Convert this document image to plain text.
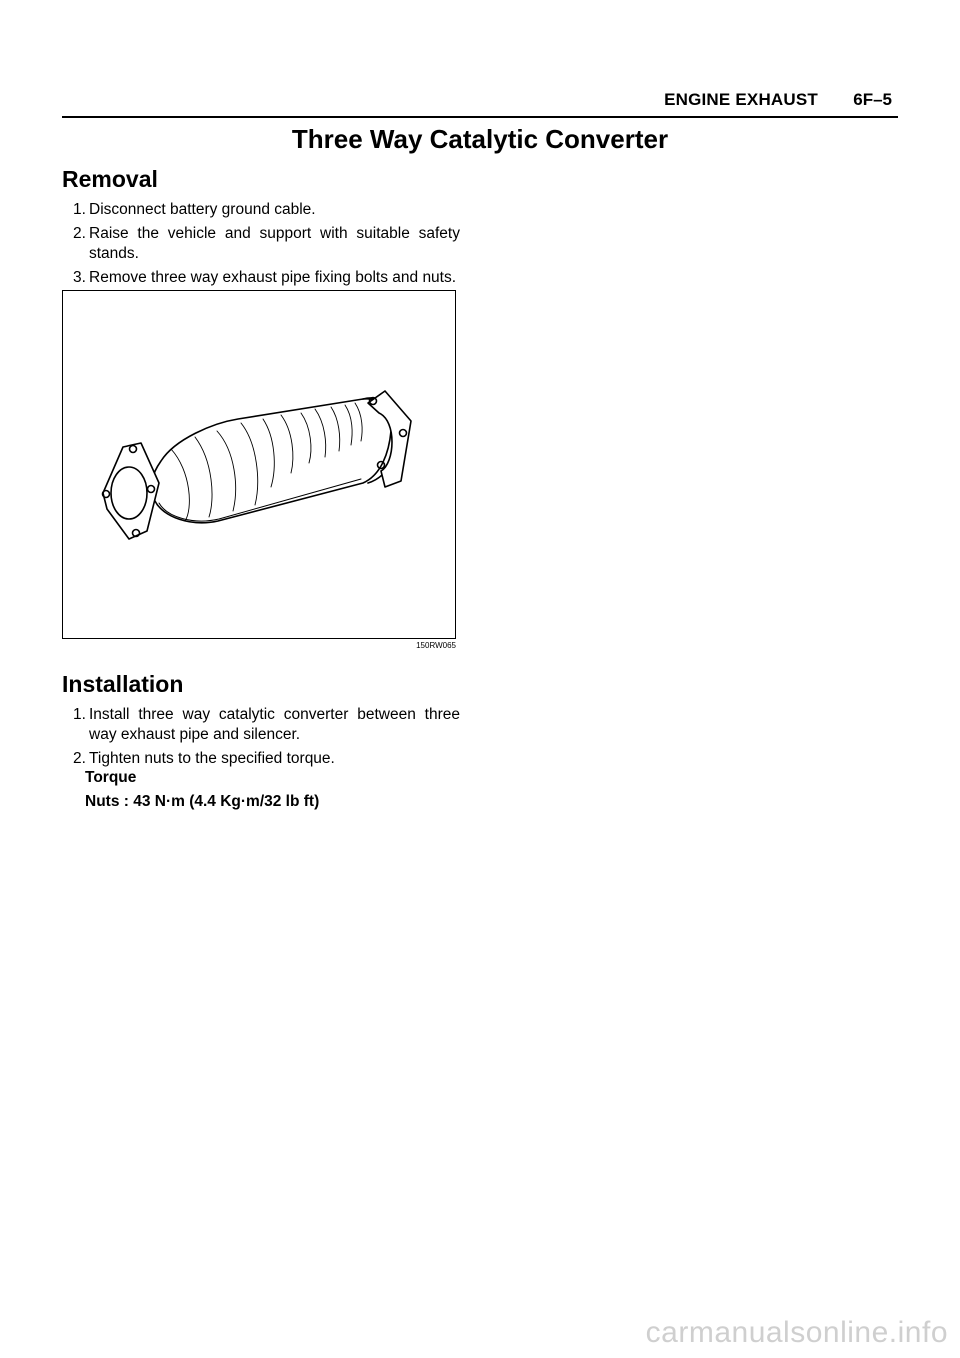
ENGINE EXHAUST 6F–5
Three Way Catalytic Converter
Removal
1. Disconnect battery ground cable.
2. Raise the vehicle and support with suitable safety stands.
3. Remove three way exhaust pipe fixing bolts and nuts.
150RW065
Installation
1. Install three way catalytic converter between three way exhaust pipe and silencer.
2. Tighten nuts to the specified torque.
Torque
Nuts : 43 N·m (4.4 Kg·m/32 lb ft)
carmanualsonline.info
